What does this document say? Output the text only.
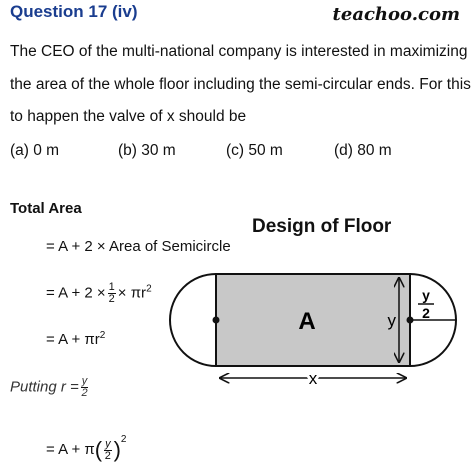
Question 17 (iv)	teachoo.com
The CEO of the multi-national company is interested in maximizing
the area of the whole floor including the semi-circular ends. For this
to happen the valve of x should be
(a) 0 m	(b) 30 m	(c) 50 m	(d) 80 m
Total Area
Design of Floor
= A + 2 × Area of Semicircle
= $A + 2 \times \frac{1}{2} \times \pi r^2$
= $A + \pi r^2$
Putting $r = \frac{y}{2}$
= $A + \pi( \frac{y}{2} )^2$
A	y
x
y
2
